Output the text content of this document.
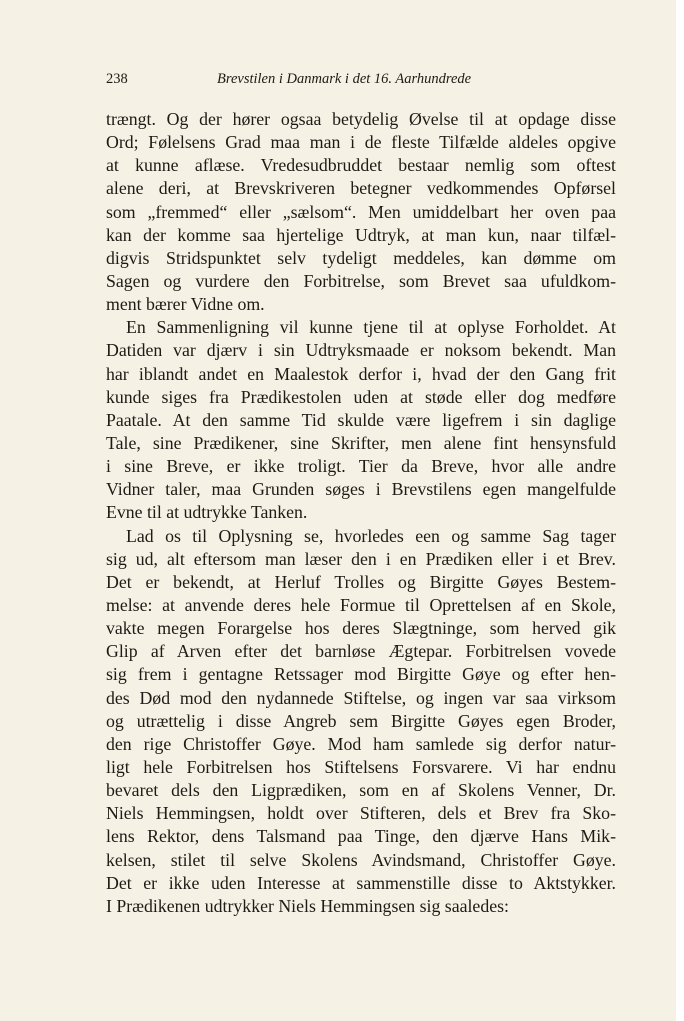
238	Brevstilen i Danmark i det 16. Aarhundrede
trængt. Og der hører ogsaa betydelig Øvelse til at opdage disse
Ord; Følelsens Grad maa man i de fleste Tilfælde aldeles opgive
at kunne aflæse. Vredesudbruddet bestaar nemlig som oftest
alene deri, at Brevskriveren betegner vedkommendes Opførsel
som „fremmed“ eller „sælsom“. Men umiddelbart her oven paa
kan der komme saa hjertelige Udtryk, at man kun, naar tilfæl-
digvis Stridspunktet selv tydeligt meddeles, kan dømme om
Sagen og vurdere den Forbitrelse, som Brevet saa ufuldkom-
ment bærer Vidne om.
En Sammenligning vil kunne tjene til at oplyse Forholdet. At
Datiden var djærv i sin Udtryksmaade er noksom bekendt. Man
har iblandt andet en Maalestok derfor i, hvad der den Gang frit
kunde siges fra Prædikestolen uden at støde eller dog medføre
Paatale. At den samme Tid skulde være ligefrem i sin daglige
Tale, sine Prædikener, sine Skrifter, men alene fint hensynsfuld
i sine Breve, er ikke troligt. Tier da Breve, hvor alle andre
Vidner taler, maa Grunden søges i Brevstilens egen mangelfulde
Evne til at udtrykke Tanken.
Lad os til Oplysning se, hvorledes een og samme Sag tager
sig ud, alt eftersom man læser den i en Prædiken eller i et Brev.
Det er bekendt, at Herluf Trolles og Birgitte Gøyes Bestem-
melse: at anvende deres hele Formue til Oprettelsen af en Skole,
vakte megen Forargelse hos deres Slægtninge, som herved gik
Glip af Arven efter det barnløse Ægtepar. Forbitrelsen vovede
sig frem i gentagne Retssager mod Birgitte Gøye og efter hen-
des Død mod den nydannede Stiftelse, og ingen var saa virksom
og utrættelig i disse Angreb sem Birgitte Gøyes egen Broder,
den rige Christoffer Gøye. Mod ham samlede sig derfor natur-
ligt hele Forbitrelsen hos Stiftelsens Forsvarere. Vi har endnu
bevaret dels den Ligprædiken, som en af Skolens Venner, Dr.
Niels Hemmingsen, holdt over Stifteren, dels et Brev fra Sko-
lens Rektor, dens Talsmand paa Tinge, den djærve Hans Mik-
kelsen, stilet til selve Skolens Avindsmand, Christoffer Gøye.
Det er ikke uden Interesse at sammenstille disse to Aktstykker.
I Prædikenen udtrykker Niels Hemmingsen sig saaledes:
